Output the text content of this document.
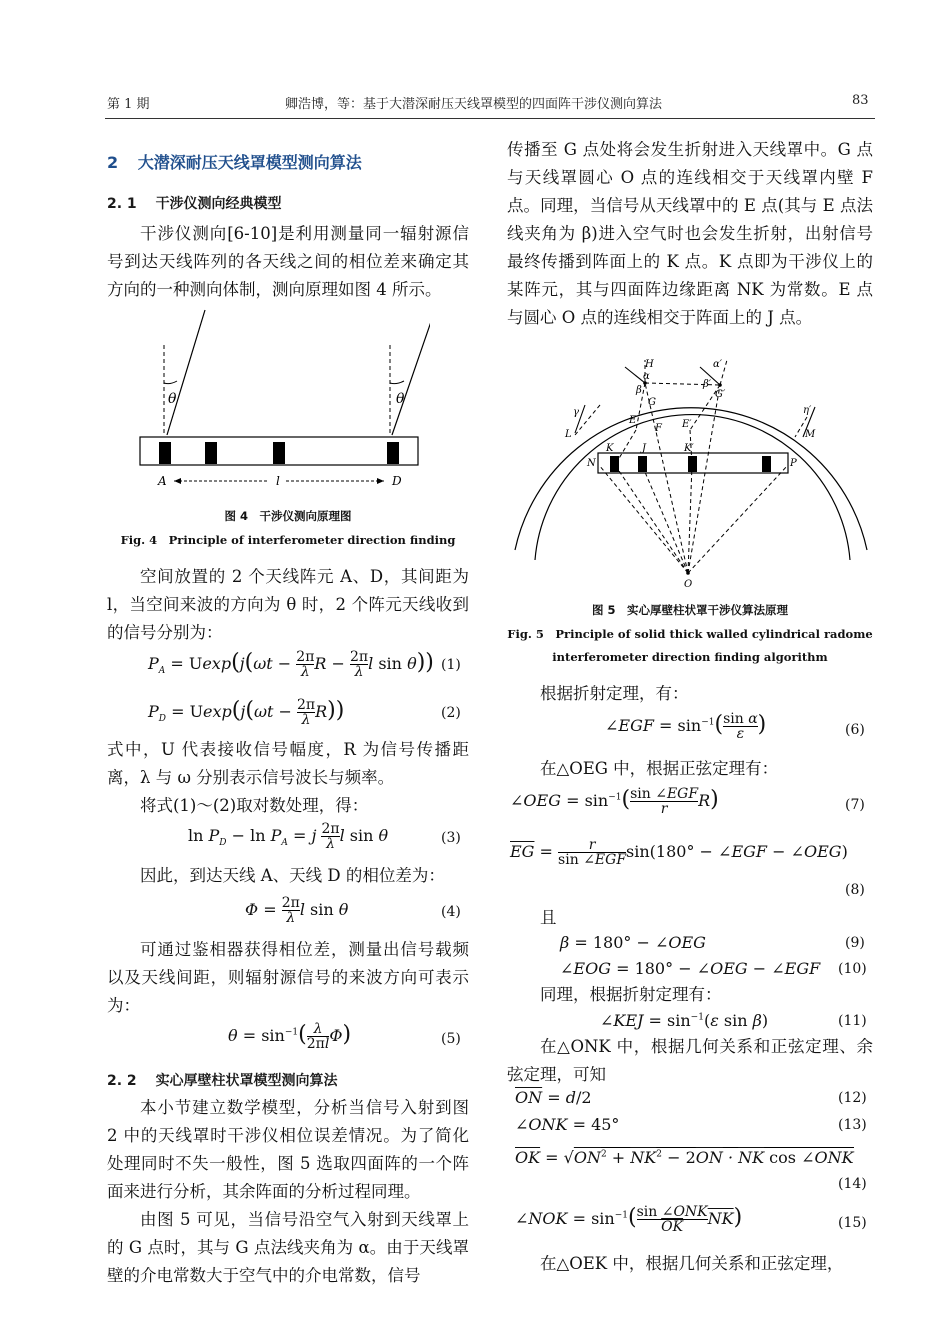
第 1 期	卿浩博，等：基于大潜深耐压天线罩模型的四面阵干涉仪测向算法	83
2 大潜深耐压天线罩模型测向算法
2. 1 干涉仪测向经典模型
干涉仪测向[6-10]是利用测量同一辐射源信号到达天线阵列的各天线之间的相位差来确定其方向的一种测向体制，测向原理如图 4 所示。
θ	θ
A	D
l
图 4　干涉仪测向原理图
Fig. 4　Principle of interferometer direction finding
空间放置的 2 个天线阵元 A、D，其间距为 l，当空间来波的方向为 θ 时，2 个阵元天线收到的信号分别为：
$P_A = Uexp(j(\omega t - \frac{2\pi}{\lambda}$ $R - \frac{2\pi}{\lambda}$ l sin θ)) (1)
$P_D = Uexp(j(\omega t - \frac{2\pi}{\lambda} R))$	(2)
式中，U 代表接收信号幅度，R 为信号传播距离，λ 与 ω 分别表示信号波长与频率。
将式(1)～(2)取对数处理，得：
$\ln P_D - \ln P_A = j \frac{2\pi}{\lambda}$ l sin θ	(3)
因此，到达天线 A、天线 D 的相位差为：
$\Phi = \frac{2\pi}{\lambda}$ l sin θ	(4)
可通过鉴相器获得相位差，测量出信号载频以及天线间距，则辐射源信号的来波方向可表示为：
$\theta = \sin^{-1}( \frac{\lambda}{2\pi l} \Phi)$	(5)
2. 2 实心厚壁柱状罩模型测向算法
本小节建立数学模型，分析当信号入射到图 2 中的天线罩时干涉仪相位误差情况。为了简化处理同时不失一般性，图 5 选取四面阵的一个阵面来进行分析，其余阵面的分析过程同理。
由图 5 可见，当信号沿空气入射到天线罩上的 G 点时，其与 G 点法线夹角为 α。由于天线罩壁的介电常数大于空气中的介电常数，信号
传播至 G 点处将会发生折射进入天线罩中。G 点与天线罩圆心 O 点的连线相交于天线罩内壁 F 点。同理，当信号从天线罩中的 E 点(其与 E 点法线夹角为 β)进入空气时也会发生折射，出射信号最终传播到阵面上的 K 点。K 点即为干涉仪上的某阵元，其与四面阵边缘距离 NK 为常数。E 点与圆心 O 点的连线相交于阵面上的 J 点。
H	α′
α
β
β′
G
G′
γ
L
E	E′
F
η′
M
K	J	K′
N	P
O
图 5　实心厚壁柱状罩干涉仪算法原理
Fig. 5　Principle of solid thick walled cylindrical radome
interferometer direction finding algorithm
根据折射定理，有：
∠EGF = $\sin^{-1}( \frac{\text{sin α}}{\varepsilon}$ )	(6)
在△OEG 中，根据正弦定理有：
∠OEG = $\sin^{-1}$( sin ∠EGF
r	R)	(7)
$\overline{EG}$ =	r
sin ∠EGF sin(180° − ∠EGF − ∠OEG)
(8)
且
β = 180° − ∠OEG	(9)
∠EOG = 180° − ∠OEG − ∠EGF (10)
同理，根据折射定理有：
∠KEJ = $\sin^{-1}(\varepsilon$ sin β)	(11)
在△ONK 中，根据几何关系和正弦定理、余弦定理，可知
$\overline{ON} = d/2$	(12)
∠ONK = 45°	(13)
$\overline{OK} = √ON^2 + \overline{NK}^2 - 2\overline{ON} \cdot \overline{NK}$ cos ∠ONK
(14)
∠NOK = $\sin^{-1}$( sin ∠ONK
$\overline{OK}$	$\overline{NK}$)	(15)
在△OEK 中，根据几何关系和正弦定理，
